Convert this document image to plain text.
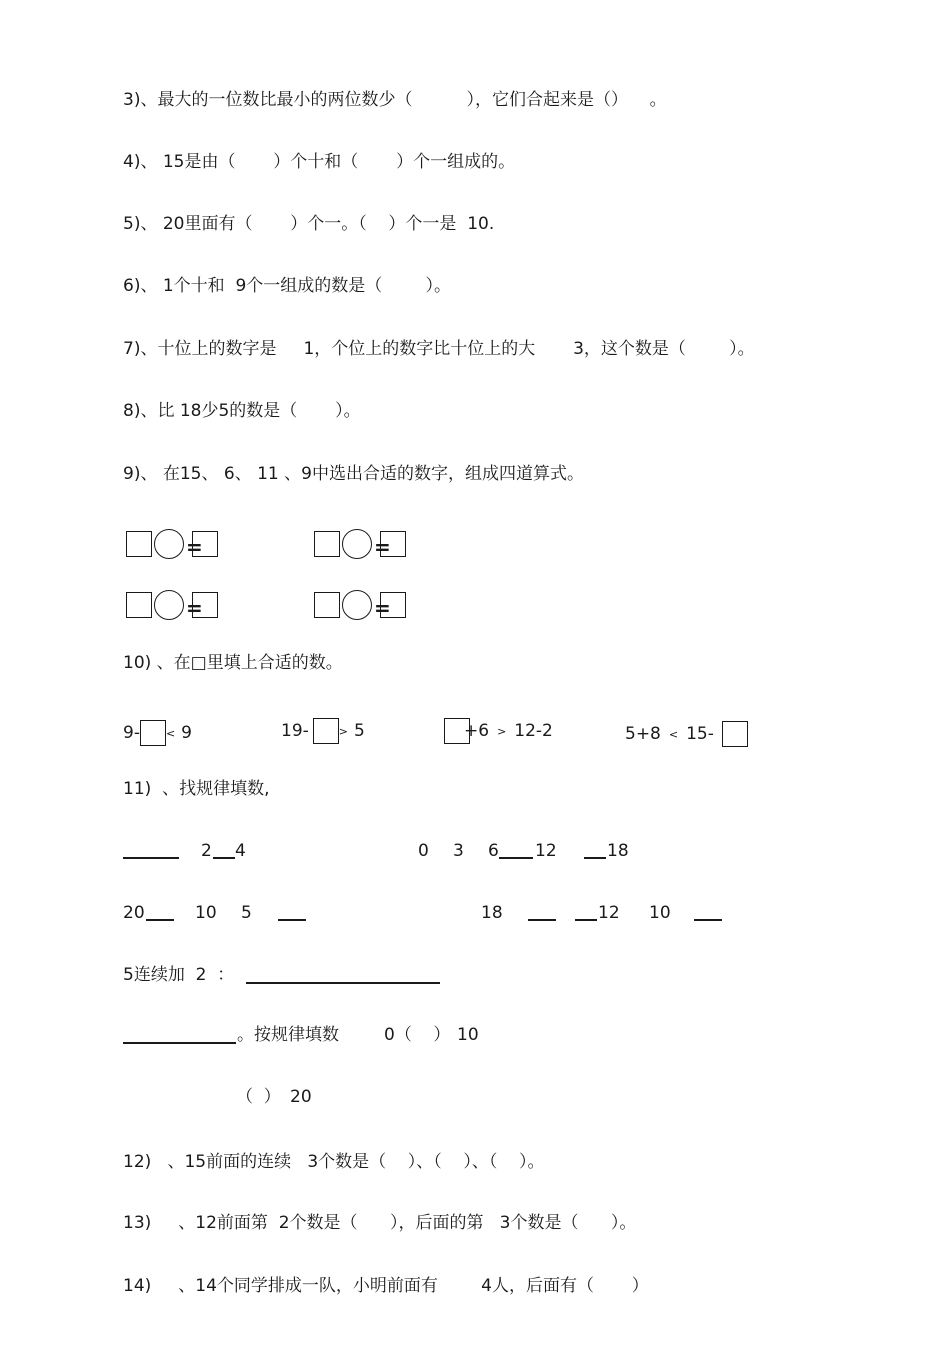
3)、最大的一位数比最小的两位数少（          ），它们合起来是（）    。
4)、 15是由（       ）个十和（       ）个一组成的。
5)、 20里面有（       ）个一。（    ）个一是  10.
6)、 1个十和  9个一组成的数是（        ）。
7)、十位上的数字是     1，个位上的数字比十位上的大       3，这个数是（        ）。
8)、比 18少5的数是（       ）。
9)、 在15、 6、 11 、9中选出合适的数字，组成四道算式。
=	=
=	=
10) 、在□里填上合适的数。
9- < 9	19-	> 5	+6 > 12-2	5+8 < 15-
11)  、找规律填数,
2 4	0 3 6 12	18
20	10 5	18	12 10
5连续加  2  ：
。按规律填数	0（    ） 10
（  ） 20
12)   、15前面的连续   3个数是（    ）、（    ）、（    ）。
13)     、12前面第  2个数是（      ），后面的第   3个数是（      ）。
14)     、14个同学排成一队，小明前面有        4人，后面有（       ）
